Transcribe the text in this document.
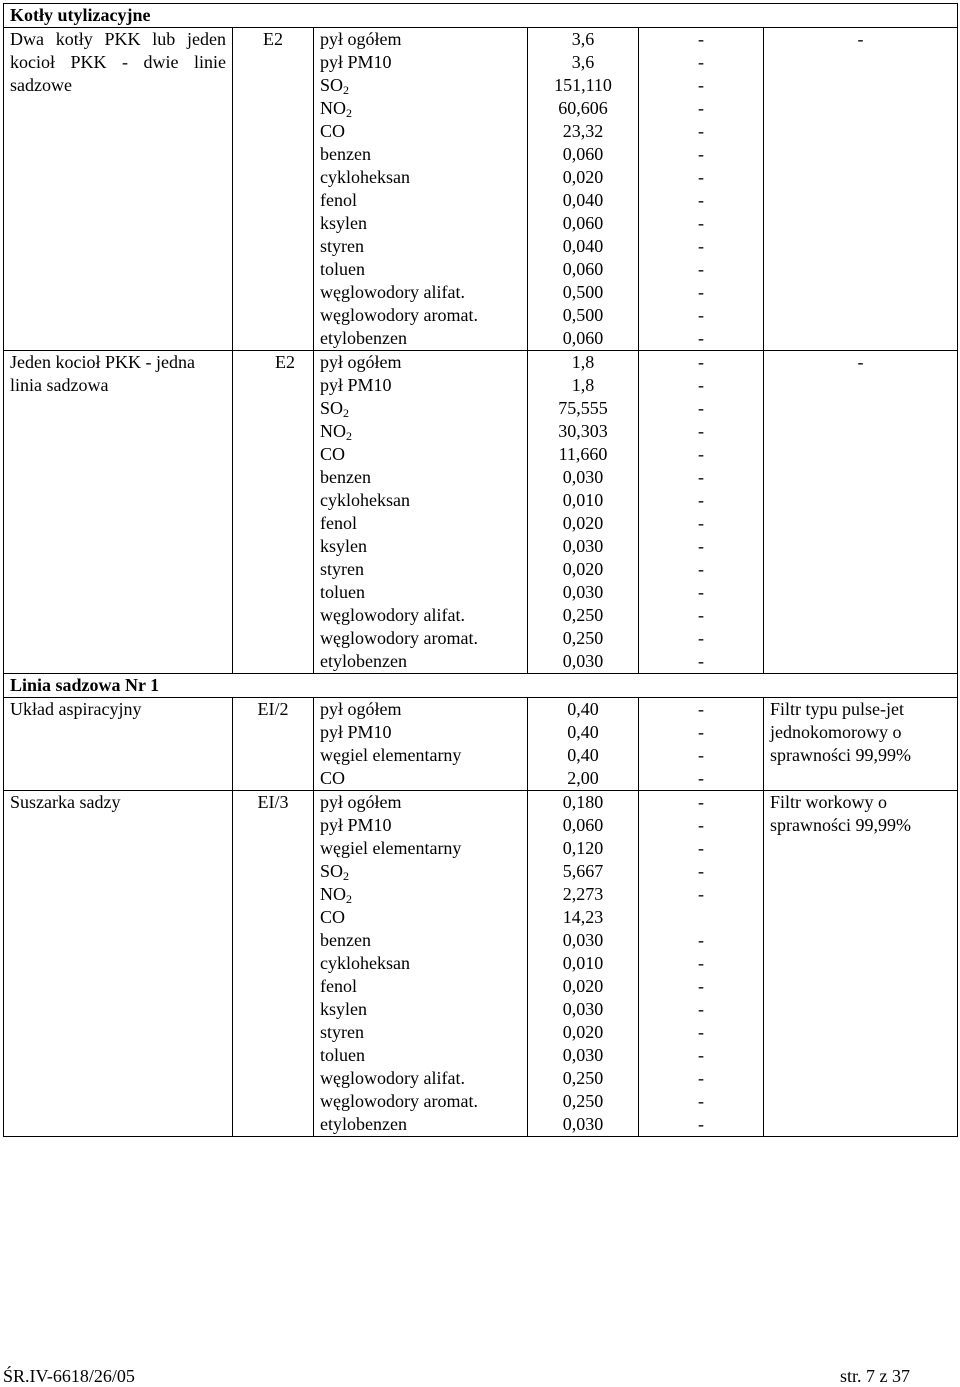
Kotły utylizacyjne					
Dwa kotły PKK lub jeden kocioł PKK - dwie linie sadzowe	E2	pył ogółem	3,6	-	-
		pył PM10	3,6	-	
		$SO_2$	151,110	-	
		$NO_2$	60,606	-	
		CO	23,32	-	
		benzen	0,060	-	
		cykloheksan	0,020	-	
		fenol	0,040	-	
		ksylen	0,060	-	
		styren	0,040	-	
		toluen	0,060	-	
		węglowodory alifat.	0,500	-	
		węglowodory aromat.	0,500	-	
		etylobenzen	0,060	-	
Jeden kocioł PKK - jedna linia sadzowa	E2	pył ogółem	1,8	-	-
		pył PM10	1,8	-	
		$SO_2$	75,555	-	
		$NO_2$	30,303	-	
		CO	11,660	-	
		benzen	0,030	-	
		cykloheksan	0,010	-	
		fenol	0,020	-	
		ksylen	0,030	-	
		styren	0,020	-	
		toluen	0,030	-	
		węglowodory alifat.	0,250	-	
		węglowodory aromat.	0,250	-	
		etylobenzen	0,030	-	
Linia sadzowa Nr 1					
Układ aspiracyjny	EI/2	pył ogółem	0,40	-	Filtr typu pulse-jet jednokomorowy o sprawności 99,99%
		pył PM10	0,40	-	
		węgiel elementarny	0,40	-	
		CO	2,00	-	
Suszarka sadzy	EI/3	pył ogółem	0,180	-	Filtr workowy o sprawności 99,99%
		pył PM10	0,060	-	
		węgiel elementarny	0,120	-	
		$SO_2$	5,667	-	
		$NO_2$	2,273	-	
		CO	14,23		
		benzen	0,030	-	
		cykloheksan	0,010	-	
		fenol	0,020	-	
		ksylen	0,030	-	
		styren	0,020	-	
		toluen	0,030	-	
		węglowodory alifat.	0,250	-	
		węglowodory aromat.	0,250	-	
		etylobenzen	0,030	-	
ŚR.IV-6618/26/05	str. 7 z 37
